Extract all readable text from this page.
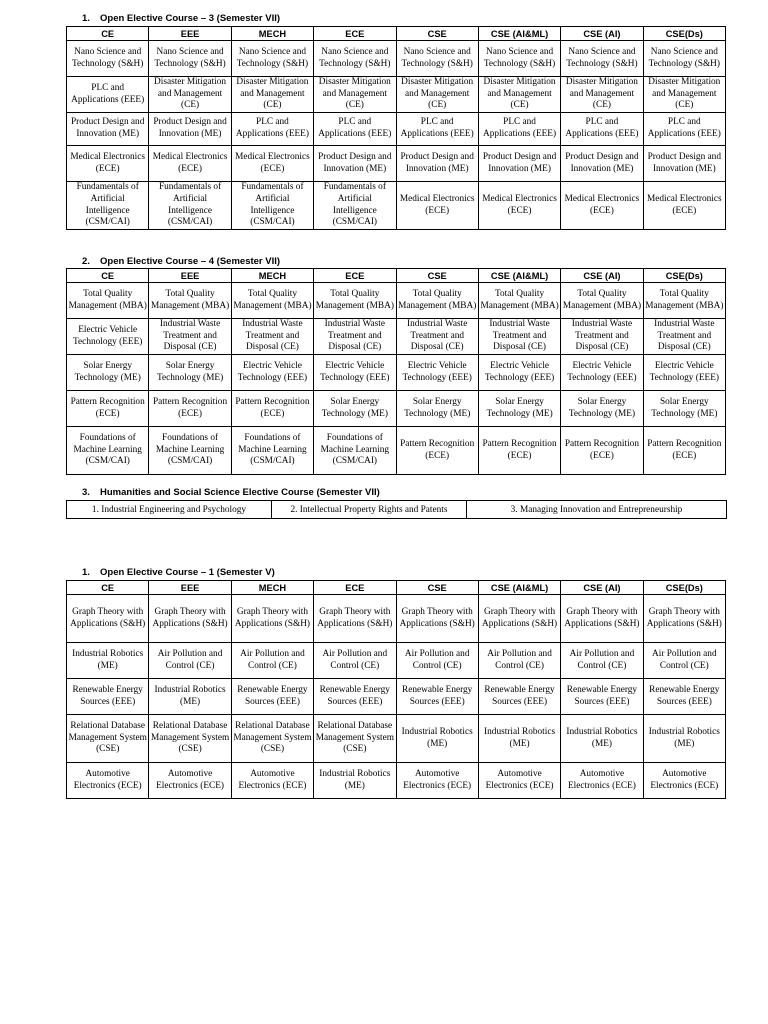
1. Open Elective Course – 3 (Semester VII)
CE	EEE	MECH	ECE	CSE	CSE (AI&ML)	CSE (AI)	CSE(Ds)
Nano Science and Technology (S&H)	Nano Science and Technology (S&H)	Nano Science and Technology (S&H)	Nano Science and Technology (S&H)	Nano Science and Technology (S&H)	Nano Science and Technology (S&H)	Nano Science and Technology (S&H)	Nano Science and Technology (S&H)
PLC and Applications (EEE)	Disaster Mitigation and Management (CE)	Disaster Mitigation and Management (CE)	Disaster Mitigation and Management (CE)	Disaster Mitigation and Management (CE)	Disaster Mitigation and Management (CE)	Disaster Mitigation and Management (CE)	Disaster Mitigation and Management (CE)
Product Design and Innovation (ME)	Product Design and Innovation (ME)	PLC and Applications (EEE)	PLC and Applications (EEE)	PLC and Applications (EEE)	PLC and Applications (EEE)	PLC and Applications (EEE)	PLC and Applications (EEE)
Medical Electronics (ECE)	Medical Electronics (ECE)	Medical Electronics (ECE)	Product Design and Innovation (ME)	Product Design and Innovation (ME)	Product Design and Innovation (ME)	Product Design and Innovation (ME)	Product Design and Innovation (ME)
Fundamentals of Artificial Intelligence (CSM/CAI)	Fundamentals of Artificial Intelligence (CSM/CAI)	Fundamentals of Artificial Intelligence (CSM/CAI)	Fundamentals of Artificial Intelligence (CSM/CAI)	Medical Electronics (ECE)	Medical Electronics (ECE)	Medical Electronics (ECE)	Medical Electronics (ECE)
2. Open Elective Course – 4 (Semester VII)
CE	EEE	MECH	ECE	CSE	CSE (AI&ML)	CSE (AI)	CSE(Ds)
Total Quality Management (MBA)	Total Quality Management (MBA)	Total Quality Management (MBA)	Total Quality Management (MBA)	Total Quality Management (MBA)	Total Quality Management (MBA)	Total Quality Management (MBA)	Total Quality Management (MBA)
Electric Vehicle Technology (EEE)	Industrial Waste Treatment and Disposal (CE)	Industrial Waste Treatment and Disposal (CE)	Industrial Waste Treatment and Disposal (CE)	Industrial Waste Treatment and Disposal (CE)	Industrial Waste Treatment and Disposal (CE)	Industrial Waste Treatment and Disposal (CE)	Industrial Waste Treatment and Disposal (CE)
Solar Energy Technology (ME)	Solar Energy Technology (ME)	Electric Vehicle Technology (EEE)	Electric Vehicle Technology (EEE)	Electric Vehicle Technology (EEE)	Electric Vehicle Technology (EEE)	Electric Vehicle Technology (EEE)	Electric Vehicle Technology (EEE)
Pattern Recognition (ECE)	Pattern Recognition (ECE)	Pattern Recognition (ECE)	Solar Energy Technology (ME)	Solar Energy Technology (ME)	Solar Energy Technology (ME)	Solar Energy Technology (ME)	Solar Energy Technology (ME)
Foundations of Machine Learning (CSM/CAI)	Foundations of Machine Learning (CSM/CAI)	Foundations of Machine Learning (CSM/CAI)	Foundations of Machine Learning (CSM/CAI)	Pattern Recognition (ECE)	Pattern Recognition (ECE)	Pattern Recognition (ECE)	Pattern Recognition (ECE)
3. Humanities and Social Science Elective Course (Semester VII)
1. Industrial Engineering and Psychology	2. Intellectual Property Rights and Patents	3. Managing Innovation and Entrepreneurship
1. Open Elective Course – 1 (Semester V)
CE	EEE	MECH	ECE	CSE	CSE (AI&ML)	CSE (AI)	CSE(Ds)
Graph Theory with Applications (S&H)	Graph Theory with Applications (S&H)	Graph Theory with Applications (S&H)	Graph Theory with Applications (S&H)	Graph Theory with Applications (S&H)	Graph Theory with Applications (S&H)	Graph Theory with Applications (S&H)	Graph Theory with Applications (S&H)
Industrial Robotics (ME)	Air Pollution and Control (CE)	Air Pollution and Control (CE)	Air Pollution and Control (CE)	Air Pollution and Control (CE)	Air Pollution and Control (CE)	Air Pollution and Control (CE)	Air Pollution and Control (CE)
Renewable Energy Sources (EEE)	Industrial Robotics (ME)	Renewable Energy Sources (EEE)	Renewable Energy Sources (EEE)	Renewable Energy Sources (EEE)	Renewable Energy Sources (EEE)	Renewable Energy Sources (EEE)	Renewable Energy Sources (EEE)
Relational Database Management System (CSE)	Relational Database Management System (CSE)	Relational Database Management System (CSE)	Relational Database Management System (CSE)	Industrial Robotics (ME)	Industrial Robotics (ME)	Industrial Robotics (ME)	Industrial Robotics (ME)
Automotive Electronics (ECE)	Automotive Electronics (ECE)	Automotive Electronics (ECE)	Industrial Robotics (ME)	Automotive Electronics (ECE)	Automotive Electronics (ECE)	Automotive Electronics (ECE)	Automotive Electronics (ECE)
